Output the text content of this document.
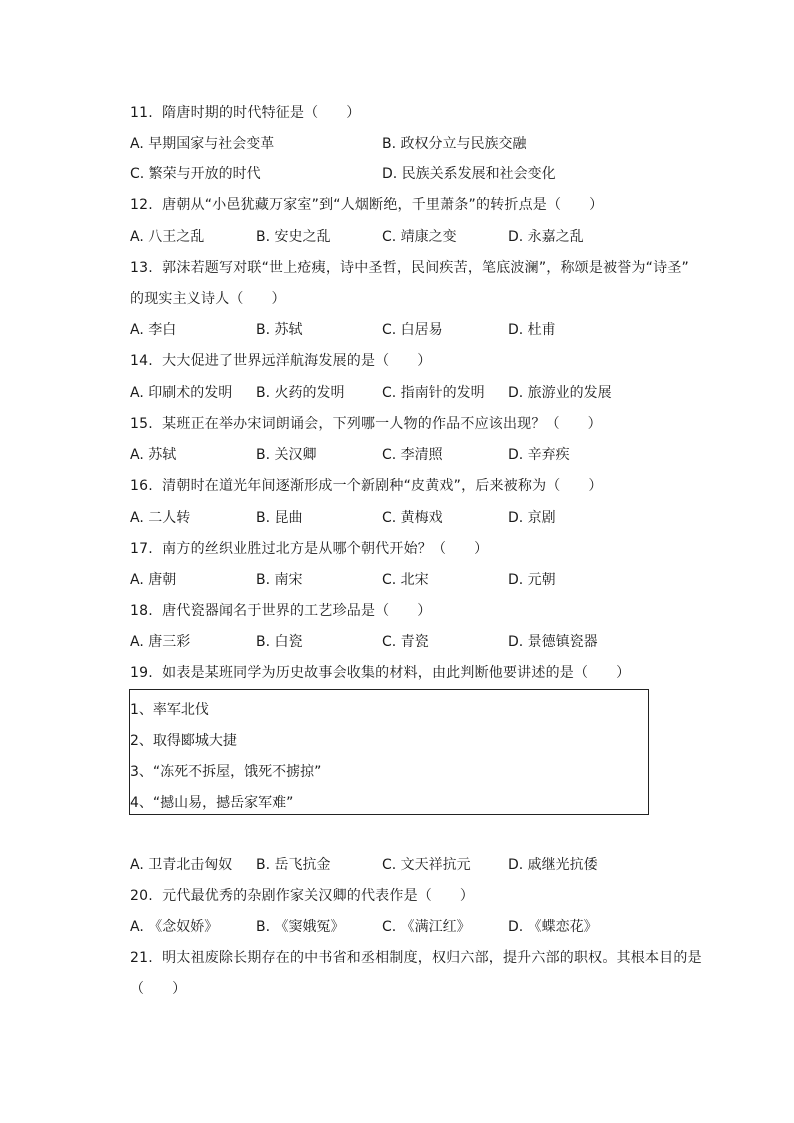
11.  隋唐时期的时代特征是（      ）
A. 早期国家与社会变革	B. 政权分立与民族交融
C. 繁荣与开放的时代	D. 民族关系发展和社会变化
12.  唐朝从“小邑犹藏万家室”到“人烟断绝，千里萧条”的转折点是（      ）
A. 八王之乱	B. 安史之乱	C. 靖康之变	D. 永嘉之乱
13.  郭沫若题写对联“世上疮痍，诗中圣哲，民间疾苦，笔底波澜”，称颂是被誉为“诗圣”
的现实主义诗人（      ）
A. 李白	B. 苏轼	C. 白居易	D. 杜甫
14.  大大促进了世界远洋航海发展的是（      ）
A. 印刷术的发明 B. 火药的发明	C. 指南针的发明 D. 旅游业的发展
15.  某班正在举办宋词朗诵会，下列哪一人物的作品不应该出现？（      ）
A. 苏轼	B. 关汉卿	C. 李清照	D. 辛弃疾
16.  清朝时在道光年间逐渐形成一个新剧种“皮黄戏”，后来被称为（      ）
A. 二人转	B. 昆曲	C. 黄梅戏	D. 京剧
17.  南方的丝织业胜过北方是从哪个朝代开始？（      ）
A. 唐朝	B. 南宋	C. 北宋	D. 元朝
18.  唐代瓷器闻名于世界的工艺珍品是（      ）
A. 唐三彩	B. 白瓷	C. 青瓷	D. 景德镇瓷器
19.  如表是某班同学为历史故事会收集的材料，由此判断他要讲述的是（      ）
1、率军北伐
2、取得郾城大捷
3、“冻死不拆屋，饿死不掳掠”
4、“撼山易，撼岳家军难”
A. 卫青北击匈奴 B. 岳飞抗金	C. 文天祥抗元	D. 戚继光抗倭
20.  元代最优秀的杂剧作家关汉卿的代表作是（      ）
A. 《念奴娇》	B. 《窦娥冤》	C. 《满江红》	D. 《蝶恋花》
21.  明太祖废除长期存在的中书省和丞相制度，权归六部，提升六部的职权。其根本目的是
（      ）
